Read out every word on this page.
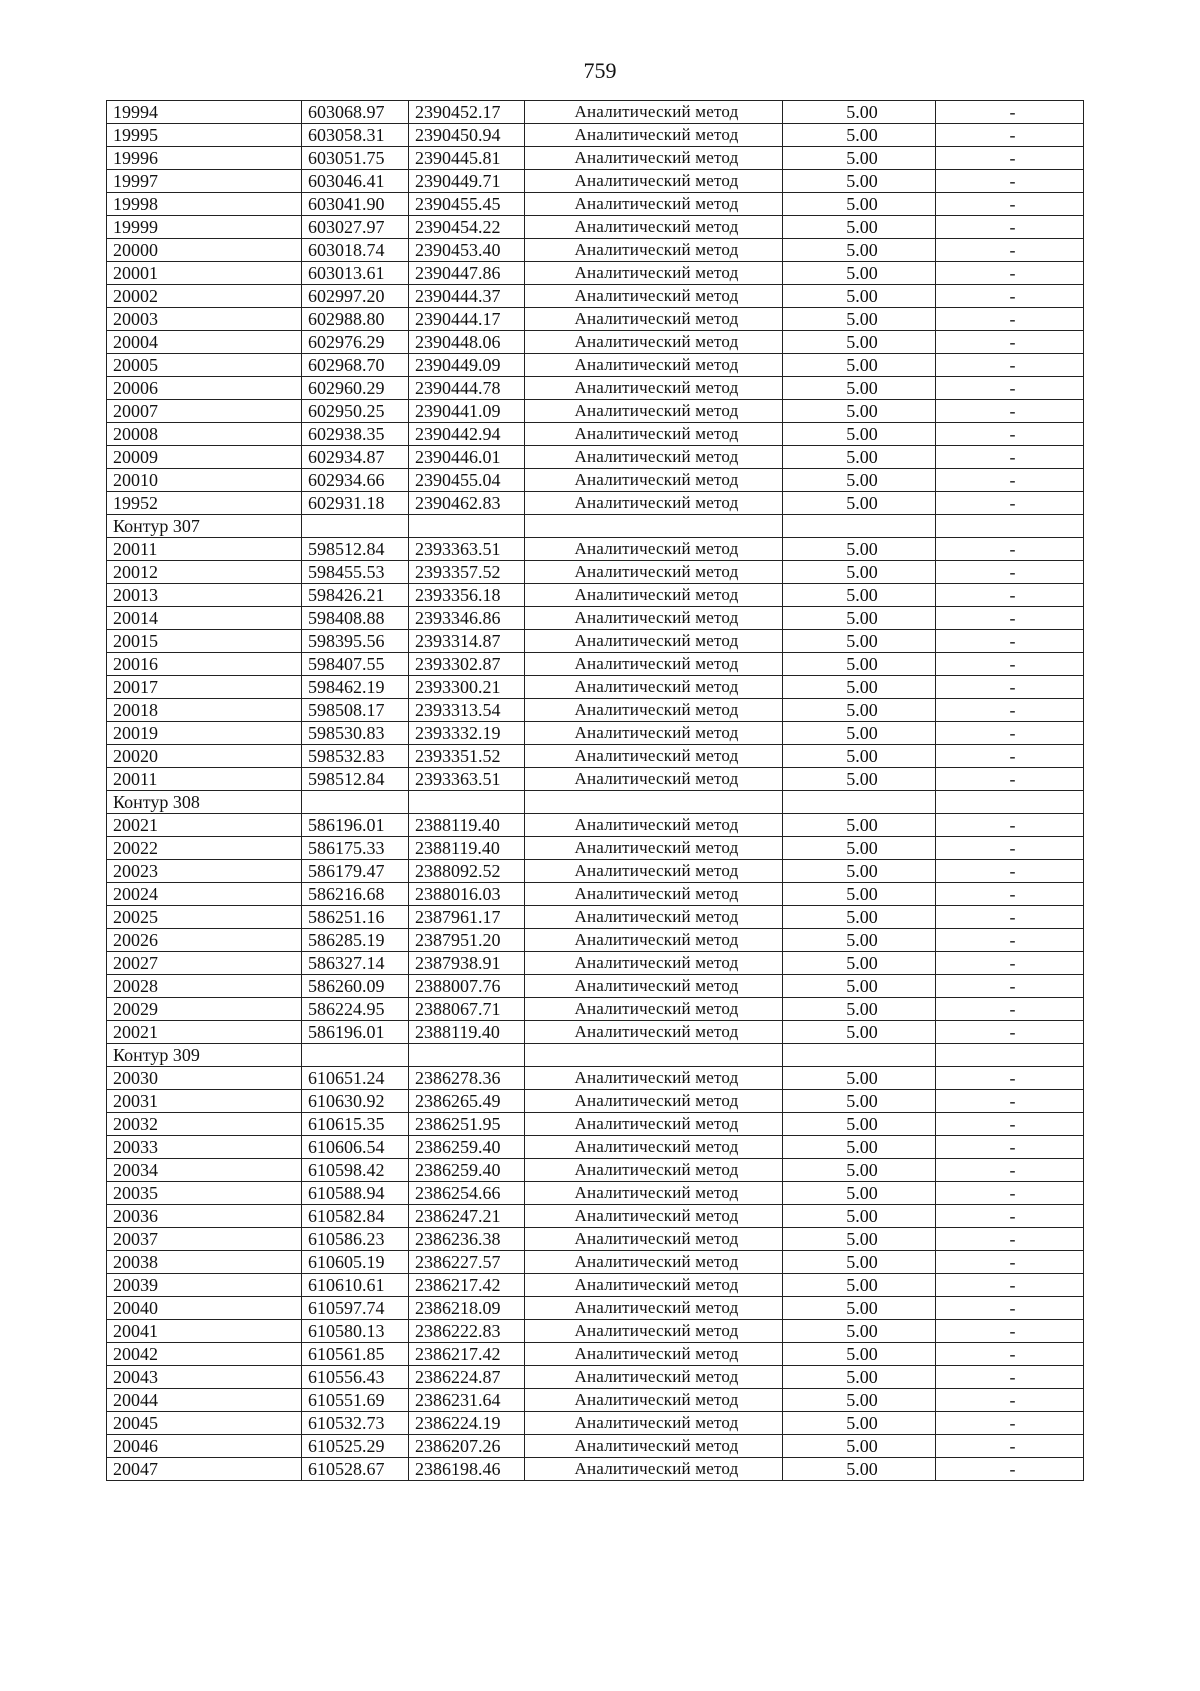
759
19994	603068.97	2390452.17	Аналитический метод	5.00	-
19995	603058.31	2390450.94	Аналитический метод	5.00	-
19996	603051.75	2390445.81	Аналитический метод	5.00	-
19997	603046.41	2390449.71	Аналитический метод	5.00	-
19998	603041.90	2390455.45	Аналитический метод	5.00	-
19999	603027.97	2390454.22	Аналитический метод	5.00	-
20000	603018.74	2390453.40	Аналитический метод	5.00	-
20001	603013.61	2390447.86	Аналитический метод	5.00	-
20002	602997.20	2390444.37	Аналитический метод	5.00	-
20003	602988.80	2390444.17	Аналитический метод	5.00	-
20004	602976.29	2390448.06	Аналитический метод	5.00	-
20005	602968.70	2390449.09	Аналитический метод	5.00	-
20006	602960.29	2390444.78	Аналитический метод	5.00	-
20007	602950.25	2390441.09	Аналитический метод	5.00	-
20008	602938.35	2390442.94	Аналитический метод	5.00	-
20009	602934.87	2390446.01	Аналитический метод	5.00	-
20010	602934.66	2390455.04	Аналитический метод	5.00	-
19952	602931.18	2390462.83	Аналитический метод	5.00	-
Контур 307					
20011	598512.84	2393363.51	Аналитический метод	5.00	-
20012	598455.53	2393357.52	Аналитический метод	5.00	-
20013	598426.21	2393356.18	Аналитический метод	5.00	-
20014	598408.88	2393346.86	Аналитический метод	5.00	-
20015	598395.56	2393314.87	Аналитический метод	5.00	-
20016	598407.55	2393302.87	Аналитический метод	5.00	-
20017	598462.19	2393300.21	Аналитический метод	5.00	-
20018	598508.17	2393313.54	Аналитический метод	5.00	-
20019	598530.83	2393332.19	Аналитический метод	5.00	-
20020	598532.83	2393351.52	Аналитический метод	5.00	-
20011	598512.84	2393363.51	Аналитический метод	5.00	-
Контур 308					
20021	586196.01	2388119.40	Аналитический метод	5.00	-
20022	586175.33	2388119.40	Аналитический метод	5.00	-
20023	586179.47	2388092.52	Аналитический метод	5.00	-
20024	586216.68	2388016.03	Аналитический метод	5.00	-
20025	586251.16	2387961.17	Аналитический метод	5.00	-
20026	586285.19	2387951.20	Аналитический метод	5.00	-
20027	586327.14	2387938.91	Аналитический метод	5.00	-
20028	586260.09	2388007.76	Аналитический метод	5.00	-
20029	586224.95	2388067.71	Аналитический метод	5.00	-
20021	586196.01	2388119.40	Аналитический метод	5.00	-
Контур 309					
20030	610651.24	2386278.36	Аналитический метод	5.00	-
20031	610630.92	2386265.49	Аналитический метод	5.00	-
20032	610615.35	2386251.95	Аналитический метод	5.00	-
20033	610606.54	2386259.40	Аналитический метод	5.00	-
20034	610598.42	2386259.40	Аналитический метод	5.00	-
20035	610588.94	2386254.66	Аналитический метод	5.00	-
20036	610582.84	2386247.21	Аналитический метод	5.00	-
20037	610586.23	2386236.38	Аналитический метод	5.00	-
20038	610605.19	2386227.57	Аналитический метод	5.00	-
20039	610610.61	2386217.42	Аналитический метод	5.00	-
20040	610597.74	2386218.09	Аналитический метод	5.00	-
20041	610580.13	2386222.83	Аналитический метод	5.00	-
20042	610561.85	2386217.42	Аналитический метод	5.00	-
20043	610556.43	2386224.87	Аналитический метод	5.00	-
20044	610551.69	2386231.64	Аналитический метод	5.00	-
20045	610532.73	2386224.19	Аналитический метод	5.00	-
20046	610525.29	2386207.26	Аналитический метод	5.00	-
20047	610528.67	2386198.46	Аналитический метод	5.00	-
